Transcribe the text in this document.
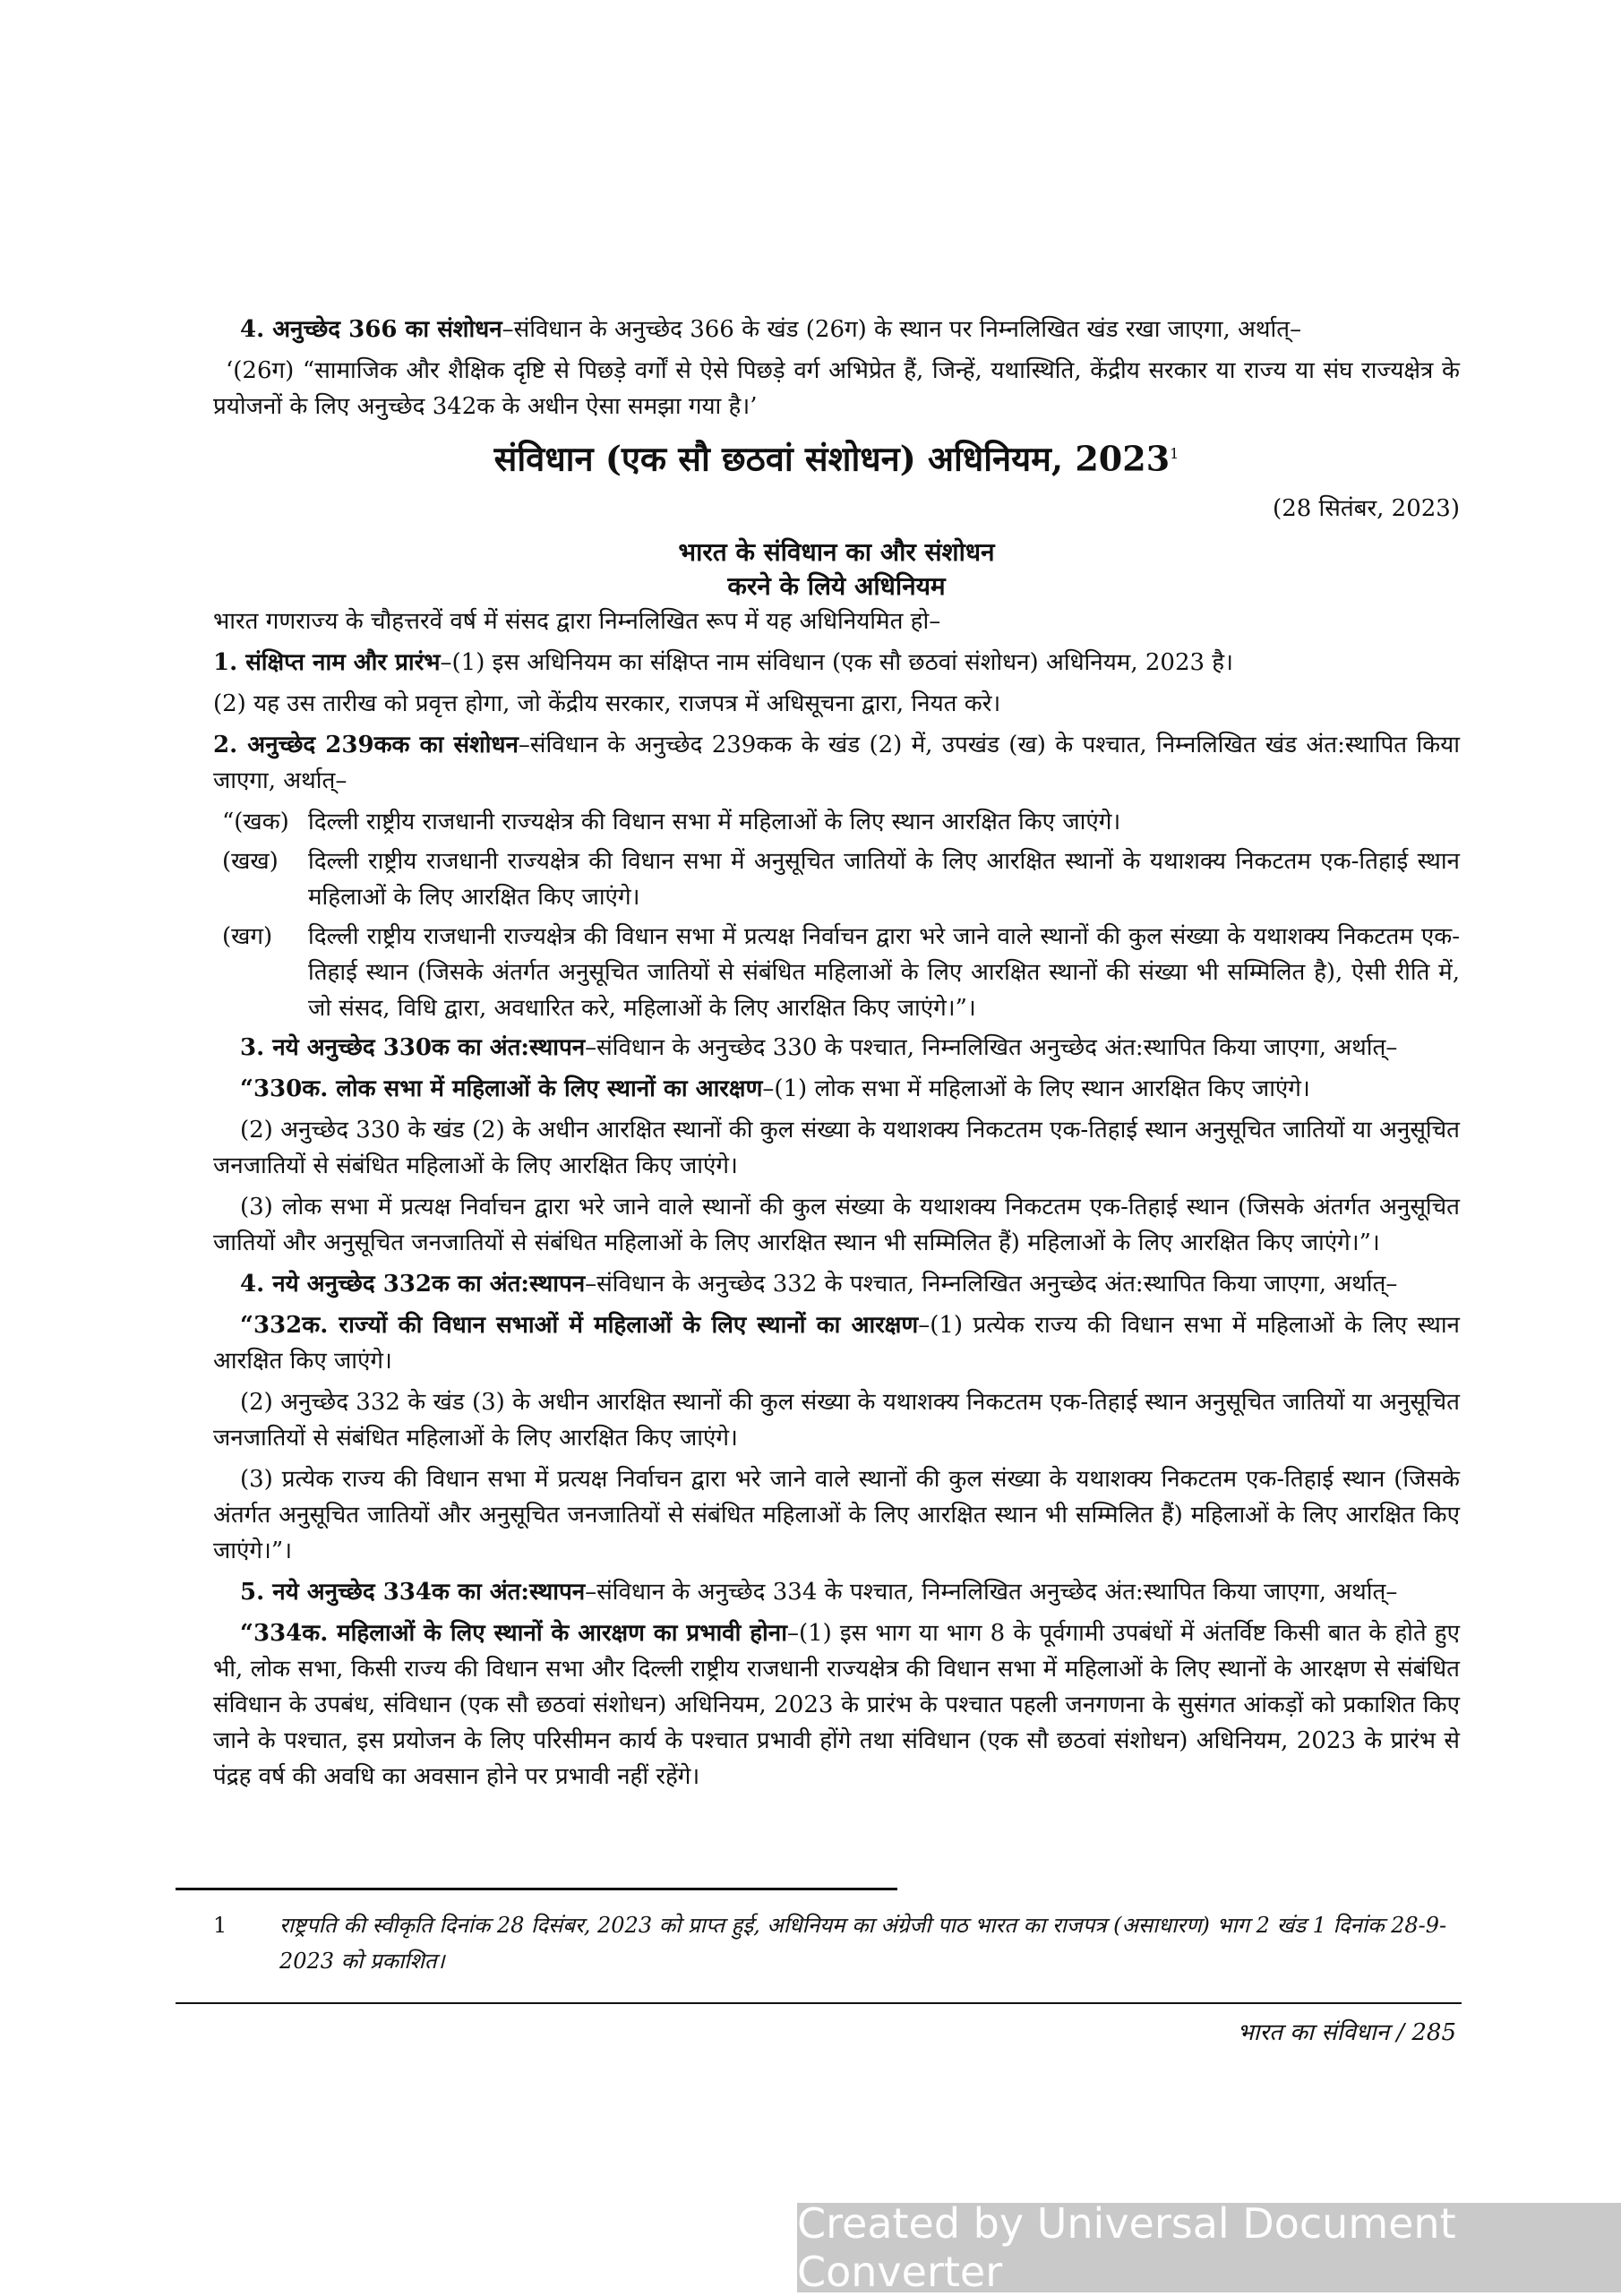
4. अनुच्छेद 366 का संशोधन–संविधान के अनुच्छेद 366 के खंड (26ग) के स्थान पर निम्नलिखित खंड रखा जाएगा, अर्थात्–

‘(26ग) “सामाजिक और शैक्षिक दृष्टि से पिछड़े वर्गों से ऐसे पिछड़े वर्ग अभिप्रेत हैं, जिन्हें, यथास्थिति, केंद्रीय सरकार या राज्य या संघ राज्यक्षेत्र के प्रयोजनों के लिए अनुच्छेद 342क के अधीन ऐसा समझा गया है।’

संविधान (एक सौ छठवां संशोधन) अधिनियम, 2023$^1$

(28 सितंबर, 2023)

भारत के संविधान का और संशोधन

करने के लिये अधिनियम

भारत गणराज्य के चौहत्तरवें वर्ष में संसद द्वारा निम्नलिखित रूप में यह अधिनियमित हो–

1. संक्षिप्त नाम और प्रारंभ–(1) इस अधिनियम का संक्षिप्त नाम संविधान (एक सौ छठवां संशोधन) अधिनियम, 2023 है।

(2) यह उस तारीख को प्रवृत्त होगा, जो केंद्रीय सरकार, राजपत्र में अधिसूचना द्वारा, नियत करे।

2. अनुच्छेद 239कक का संशोधन–संविधान के अनुच्छेद 239कक के खंड (2) में, उपखंड (ख) के पश्चात, निम्नलिखित खंड अंत:स्थापित किया जाएगा, अर्थात्–

“(खक) दिल्ली राष्ट्रीय राजधानी राज्यक्षेत्र की विधान सभा में महिलाओं के लिए स्थान आरक्षित किए जाएंगे।
(खख)	दिल्ली राष्ट्रीय राजधानी राज्यक्षेत्र की विधान सभा में अनुसूचित जातियों के लिए आरक्षित स्थानों के यथाशक्य निकटतम एक-तिहाई स्थान महिलाओं के लिए आरक्षित किए जाएंगे।
(खग)	दिल्ली राष्ट्रीय राजधानी राज्यक्षेत्र की विधान सभा में प्रत्यक्ष निर्वाचन द्वारा भरे जाने वाले स्थानों की कुल संख्या के यथाशक्य निकटतम एक-तिहाई स्थान (जिसके अंतर्गत अनुसूचित जातियों से संबंधित महिलाओं के लिए आरक्षित स्थानों की संख्या भी सम्मिलित है), ऐसी रीति में, जो संसद, विधि द्वारा, अवधारित करे, महिलाओं के लिए आरक्षित किए जाएंगे।”।

3. नये अनुच्छेद 330क का अंत:स्थापन–संविधान के अनुच्छेद 330 के पश्चात, निम्नलिखित अनुच्छेद अंत:स्थापित किया जाएगा, अर्थात्–

“330क. लोक सभा में महिलाओं के लिए स्थानों का आरक्षण–(1) लोक सभा में महिलाओं के लिए स्थान आरक्षित किए जाएंगे।

(2) अनुच्छेद 330 के खंड (2) के अधीन आरक्षित स्थानों की कुल संख्या के यथाशक्य निकटतम एक-तिहाई स्थान अनुसूचित जातियों या अनुसूचित जनजातियों से संबंधित महिलाओं के लिए आरक्षित किए जाएंगे।

(3) लोक सभा में प्रत्यक्ष निर्वाचन द्वारा भरे जाने वाले स्थानों की कुल संख्या के यथाशक्य निकटतम एक-तिहाई स्थान (जिसके अंतर्गत अनुसूचित जातियों और अनुसूचित जनजातियों से संबंधित महिलाओं के लिए आरक्षित स्थान भी सम्मिलित हैं) महिलाओं के लिए आरक्षित किए जाएंगे।”।

4. नये अनुच्छेद 332क का अंत:स्थापन–संविधान के अनुच्छेद 332 के पश्चात, निम्नलिखित अनुच्छेद अंत:स्थापित किया जाएगा, अर्थात्–

“332क. राज्यों की विधान सभाओं में महिलाओं के लिए स्थानों का आरक्षण–(1) प्रत्येक राज्य की विधान सभा में महिलाओं के लिए स्थान आरक्षित किए जाएंगे।

(2) अनुच्छेद 332 के खंड (3) के अधीन आरक्षित स्थानों की कुल संख्या के यथाशक्य निकटतम एक-तिहाई स्थान अनुसूचित जातियों या अनुसूचित जनजातियों से संबंधित महिलाओं के लिए आरक्षित किए जाएंगे।

(3) प्रत्येक राज्य की विधान सभा में प्रत्यक्ष निर्वाचन द्वारा भरे जाने वाले स्थानों की कुल संख्या के यथाशक्य निकटतम एक-तिहाई स्थान (जिसके अंतर्गत अनुसूचित जातियों और अनुसूचित जनजातियों से संबंधित महिलाओं के लिए आरक्षित स्थान भी सम्मिलित हैं) महिलाओं के लिए आरक्षित किए जाएंगे।”।

5. नये अनुच्छेद 334क का अंत:स्थापन–संविधान के अनुच्छेद 334 के पश्चात, निम्नलिखित अनुच्छेद अंत:स्थापित किया जाएगा, अर्थात्–

“334क. महिलाओं के लिए स्थानों के आरक्षण का प्रभावी होना–(1) इस भाग या भाग 8 के पूर्वगामी उपबंधों में अंतर्विष्ट किसी बात के होते हुए भी, लोक सभा, किसी राज्य की विधान सभा और दिल्ली राष्ट्रीय राजधानी राज्यक्षेत्र की विधान सभा में महिलाओं के लिए स्थानों के आरक्षण से संबंधित संविधान के उपबंध, संविधान (एक सौ छठवां संशोधन) अधिनियम, 2023 के प्रारंभ के पश्चात पहली जनगणना के सुसंगत आंकड़ों को प्रकाशित किए जाने के पश्चात, इस प्रयोजन के लिए परिसीमन कार्य के पश्चात प्रभावी होंगे तथा संविधान (एक सौ छठवां संशोधन) अधिनियम, 2023 के प्रारंभ से पंद्रह वर्ष की अवधि का अवसान होने पर प्रभावी नहीं रहेंगे।

1	राष्ट्रपति की स्वीकृति दिनांक 28 दिसंबर, 2023 को प्राप्त हुई, अधिनियम का अंग्रेजी पाठ भारत का राजपत्र (असाधारण) भाग 2 खंड 1 दिनांक 28-9-2023 को प्रकाशित।
भारत का संविधान / 285
Created by Universal Document Converter
